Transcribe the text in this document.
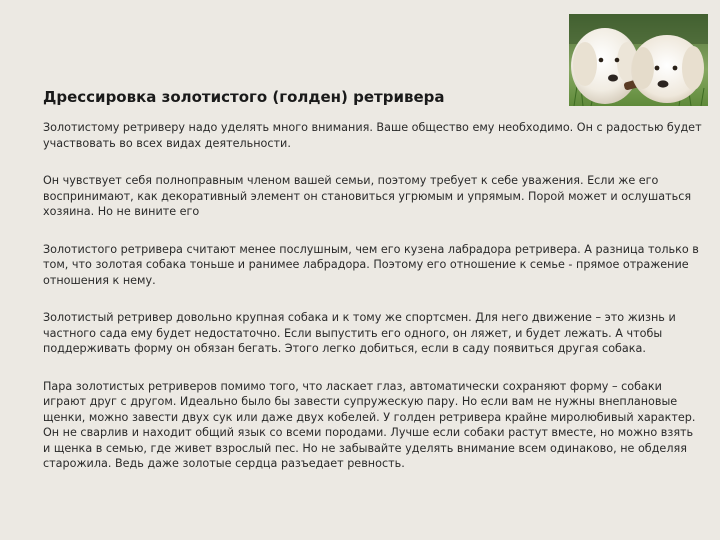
Дрессировка золотистого (голден) ретривера

Золотистому ретриверу надо уделять много внимания. Ваше общество ему необходимо. Он с радостью будет участвовать во всех видах деятельности.

Он чувствует себя полноправным членом вашей семьи, поэтому требует к себе уважения. Если же его воспринимают, как декоративный элемент он становиться угрюмым и упрямым. Порой может и ослушаться хозяина. Но не вините его

Золотистого ретривера считают менее послушным, чем его кузена лабрадора ретривера. А разница только в том, что золотая собака тоньше и ранимее лабрадора. Поэтому его отношение к семье - прямое отражение отношения к нему.

Золотистый ретривер довольно крупная собака и к тому же спортсмен. Для него движение – это жизнь и частного сада ему будет недостаточно. Если выпустить его одного, он ляжет, и будет лежать. А чтобы поддерживать форму он обязан бегать. Этого легко добиться, если в саду появиться другая собака.

Пара золотистых ретриверов помимо того, что ласкает глаз, автоматически сохраняют форму – собаки играют друг с другом. Идеально было бы завести супружескую пару. Но если вам не нужны внеплановые щенки, можно завести двух сук или даже двух кобелей. У голден ретривера крайне миролюбивый характер. Он не сварлив и находит общий язык со всеми породами. Лучше если собаки растут вместе, но можно взять и щенка в семью, где живет взрослый пес. Но не забывайте уделять внимание всем одинаково, не обделяя старожила. Ведь даже золотые сердца разъедает ревность.
